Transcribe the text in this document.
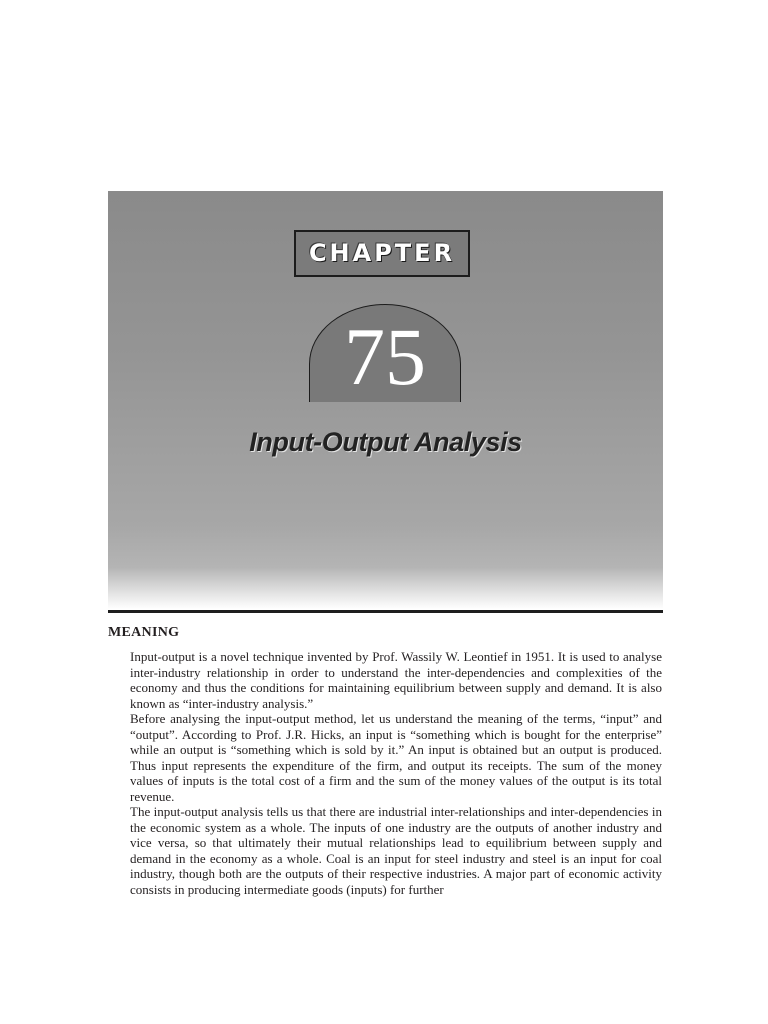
CHAPTER
75
Input-Output Analysis
MEANING

Input-output is a novel technique invented by Prof. Wassily W. Leontief in 1951. It is used to analyse inter-industry relationship in order to understand the inter-dependencies and complexities of the economy and thus the conditions for maintaining equilibrium between supply and demand. It is also known as “inter-industry analysis.”

Before analysing the input-output method, let us understand the meaning of the terms, “input” and “output”. According to Prof. J.R. Hicks, an input is “something which is bought for the enterprise” while an output is “something which is sold by it.” An input is obtained but an output is produced. Thus input represents the expenditure of the firm, and output its receipts. The sum of the money values of inputs is the total cost of a firm and the sum of the money values of the output is its total revenue.

The input-output analysis tells us that there are industrial inter-relationships and inter-dependencies in the economic system as a whole. The inputs of one industry are the outputs of another industry and vice versa, so that ultimately their mutual relationships lead to equilibrium between supply and demand in the economy as a whole. Coal is an input for steel industry and steel is an input for coal industry, though both are the outputs of their respective industries. A major part of economic activity consists in producing intermediate goods (inputs) for further
